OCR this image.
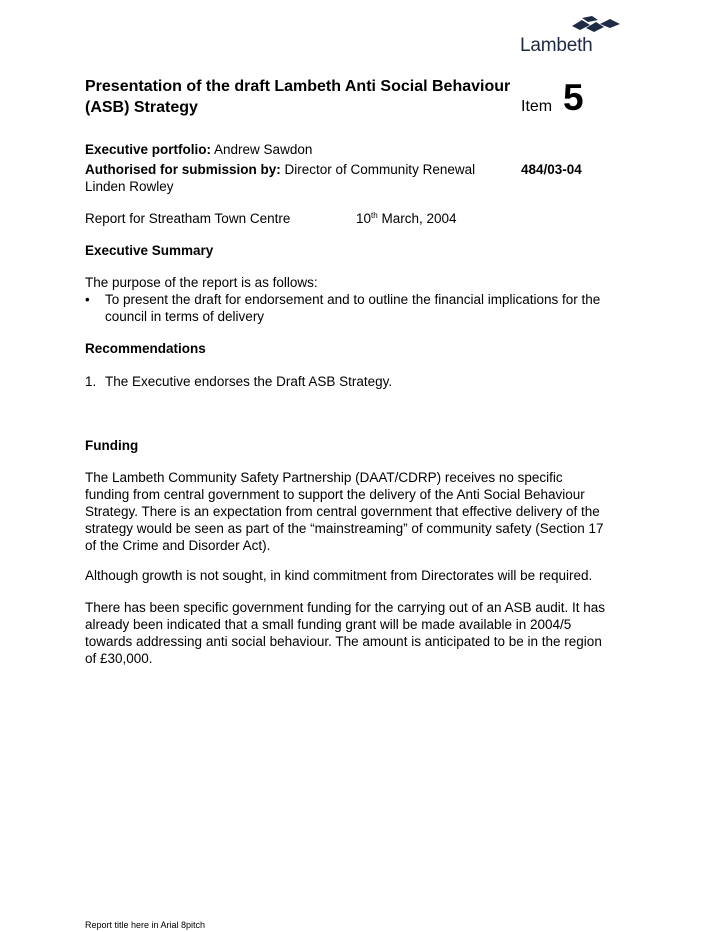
Lambeth
Presentation of the draft Lambeth Anti Social Behaviour (ASB) Strategy	Item 5
Executive portfolio: Andrew Sawdon
Authorised for submission by: Director of Community Renewal	484/03-04
Linden Rowley
Report for Streatham Town Centre	10th March, 2004
Executive Summary
The purpose of the report is as follows:
•	To present the draft for endorsement and to outline the financial implications for the
council in terms of delivery
Recommendations
1. The Executive endorses the Draft ASB Strategy.
Funding
The Lambeth Community Safety Partnership (DAAT/CDRP) receives no specific
funding from central government to support the delivery of the Anti Social Behaviour
Strategy. There is an expectation from central government that effective delivery of the
strategy would be seen as part of the “mainstreaming” of community safety (Section 17
of the Crime and Disorder Act).
Although growth is not sought, in kind commitment from Directorates will be required.
There has been specific government funding for the carrying out of an ASB audit. It has
already been indicated that a small funding grant will be made available in 2004/5
towards addressing anti social behaviour. The amount is anticipated to be in the region
of £30,000.
Report title here in Arial 8pitch
